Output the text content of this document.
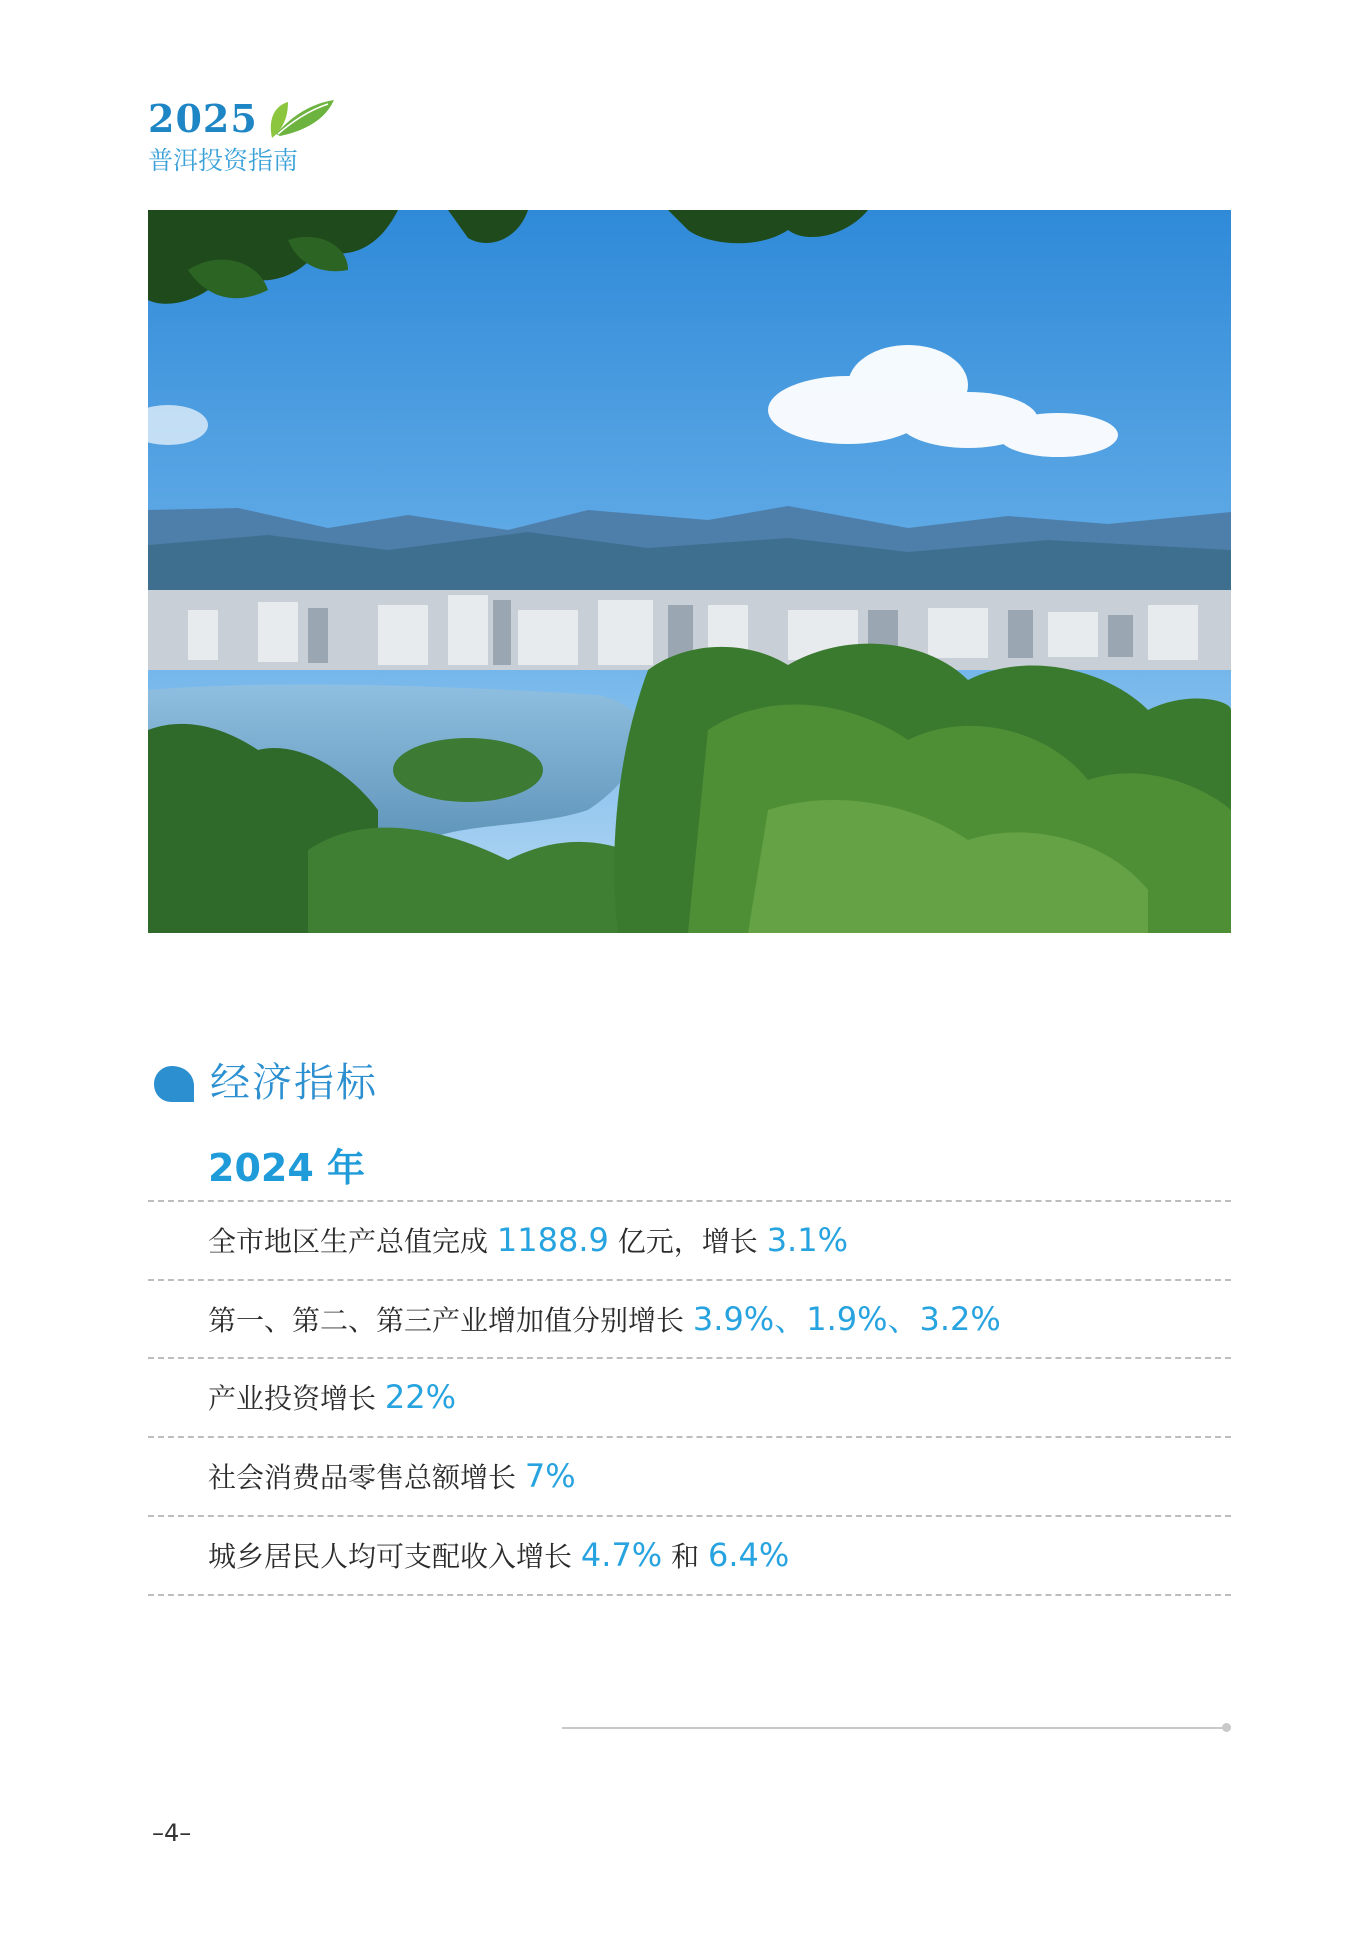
2025
普洱投资指南
经济指标
2024 年
全市地区生产总值完成 1188.9 亿元，增长 3.1%
第一、第二、第三产业增加值分别增长 3.9%、1.9%、3.2%
产业投资增长 22%
社会消费品零售总额增长 7%
城乡居民人均可支配收入增长 4.7% 和 6.4%
–4–
